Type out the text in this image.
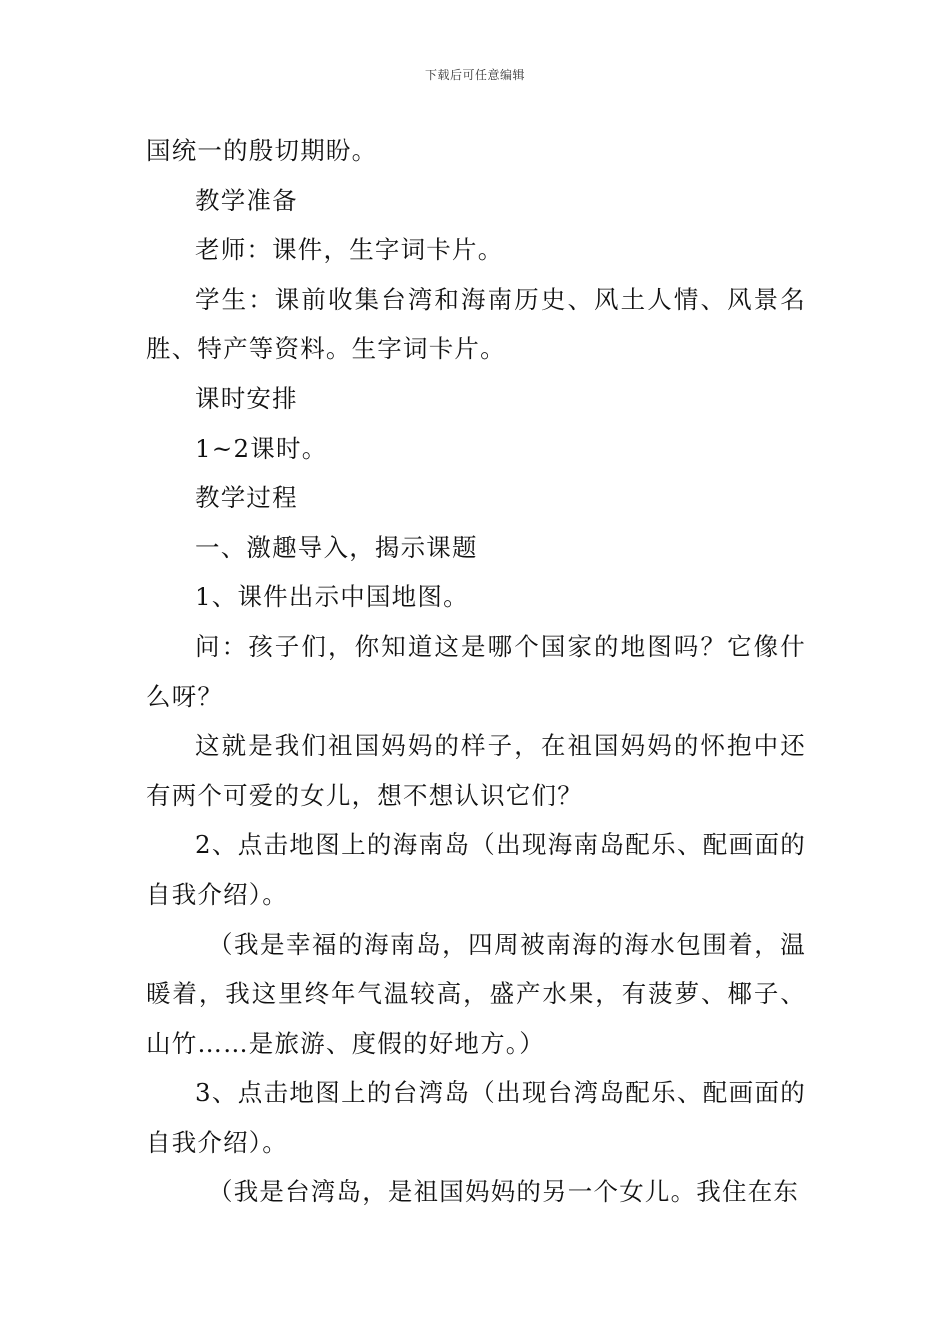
下载后可任意编辑

国统一的殷切期盼。

教学准备

老师：课件，生字词卡片。

学生：课前收集台湾和海南历史、风土人情、风景名胜、特产等资料。生字词卡片。

课时安排

1~2课时。

教学过程

一、激趣导入，揭示课题

1、课件出示中国地图。

问：孩子们，你知道这是哪个国家的地图吗？它像什么呀？

这就是我们祖国妈妈的样子，在祖国妈妈的怀抱中还有两个可爱的女儿，想不想认识它们？

2、点击地图上的海南岛（出现海南岛配乐、配画面的自我介绍）。

（我是幸福的海南岛，四周被南海的海水包围着，温暖着，我这里终年气温较高，盛产水果，有菠萝、椰子、山竹……是旅游、度假的好地方。）

3、点击地图上的台湾岛（出现台湾岛配乐、配画面的自我介绍）。

（我是台湾岛，是祖国妈妈的另一个女儿。我住在东
